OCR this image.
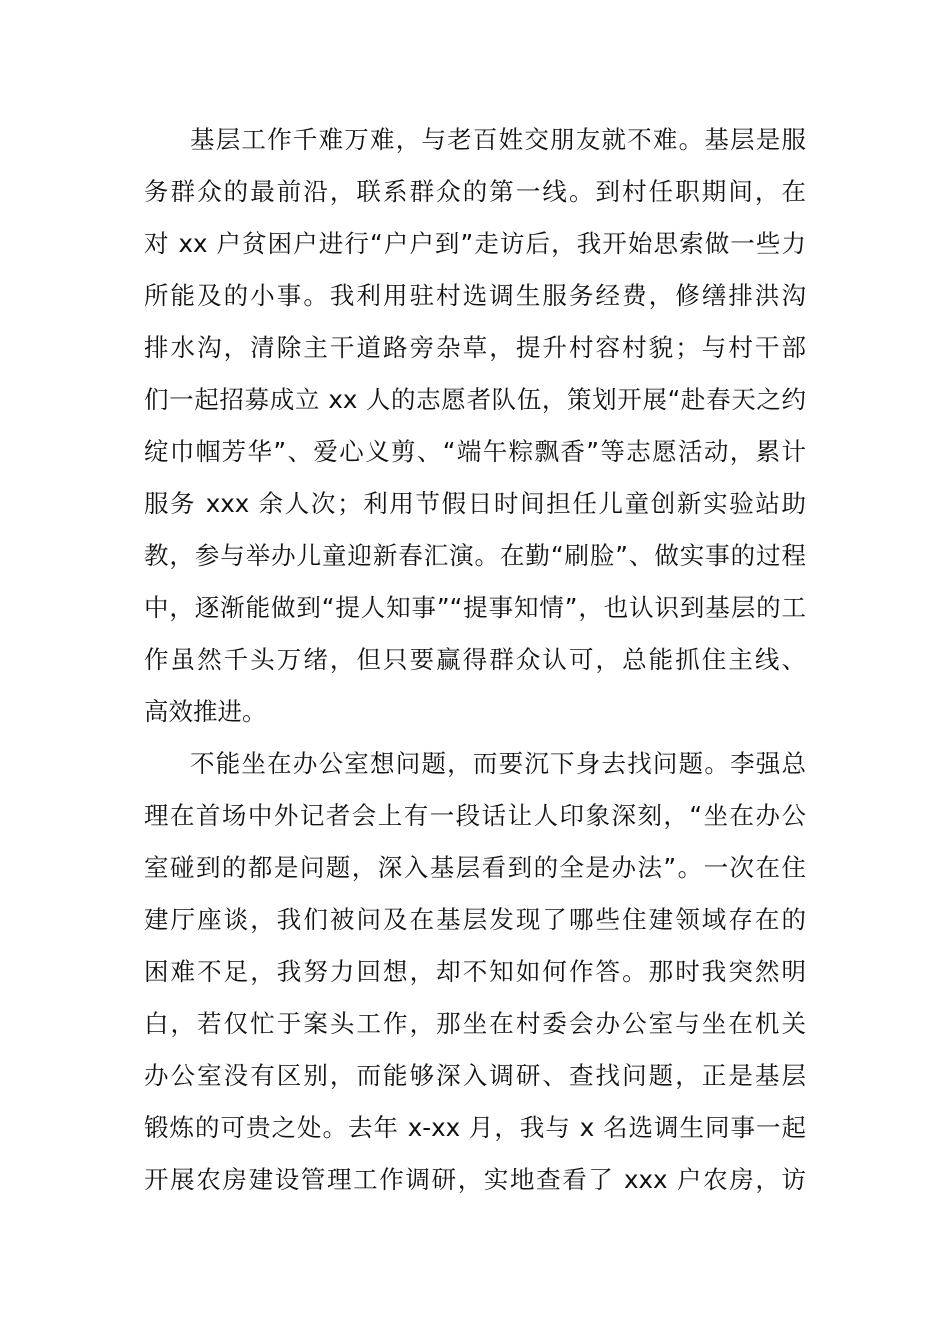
基层工作千难万难，与老百姓交朋友就不难。基层是服
务群众的最前沿，联系群众的第一线。到村任职期间，在
对 xx 户贫困户进行“户户到”走访后，我开始思索做一些力
所能及的小事。我利用驻村选调生服务经费，修缮排洪沟
排水沟，清除主干道路旁杂草，提升村容村貌；与村干部
们一起招募成立 xx 人的志愿者队伍，策划开展“赴春天之约
绽巾帼芳华”、爱心义剪、“端午粽飘香”等志愿活动，累计
服务 xxx 余人次；利用节假日时间担任儿童创新实验站助
教，参与举办儿童迎新春汇演。在勤“刷脸”、做实事的过程
中，逐渐能做到“提人知事”“提事知情”，也认识到基层的工
作虽然千头万绪，但只要赢得群众认可，总能抓住主线、
高效推进。
不能坐在办公室想问题，而要沉下身去找问题。李强总
理在首场中外记者会上有一段话让人印象深刻，“坐在办公
室碰到的都是问题，深入基层看到的全是办法”。一次在住
建厅座谈，我们被问及在基层发现了哪些住建领域存在的
困难不足，我努力回想，却不知如何作答。那时我突然明
白，若仅忙于案头工作，那坐在村委会办公室与坐在机关
办公室没有区别，而能够深入调研、查找问题，正是基层
锻炼的可贵之处。去年 x-xx 月，我与 x 名选调生同事一起
开展农房建设管理工作调研，实地查看了 xxx 户农房，访
